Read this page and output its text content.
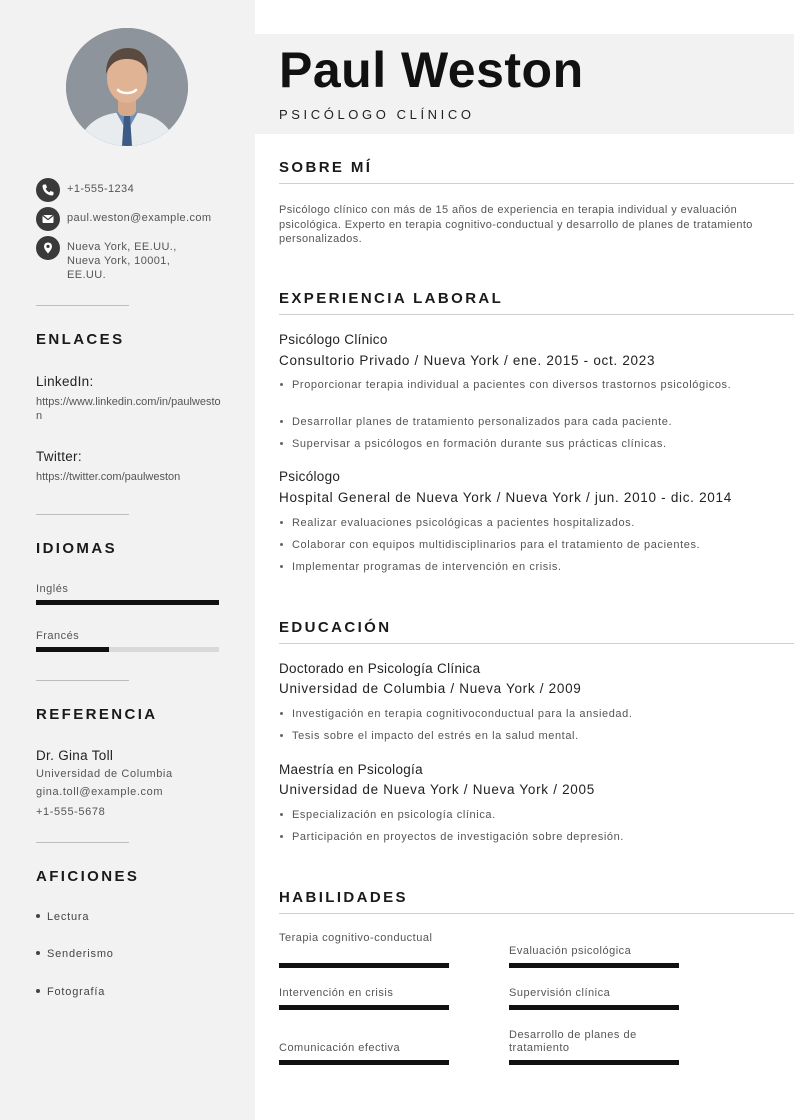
+1-555-1234
paul.weston@example.com
Nueva York, EE.UU.,
Nueva York, 10001,
EE.UU.
ENLACES
LinkedIn:
https://www.linkedin.com/in/paulweston
Twitter:
https://twitter.com/paulweston
IDIOMAS
Inglés
Francés
REFERENCIA
Dr. Gina Toll
Universidad de Columbia
gina.toll@example.com
+1-555-5678
AFICIONES
Lectura
Senderismo
Fotografía
Paul Weston
PSICÓLOGO CLÍNICO
SOBRE MÍ
Psicólogo clínico con más de 15 años de experiencia en terapia individual y evaluación psicológica. Experto en terapia cognitivo-conductual y desarrollo de planes de tratamiento personalizados.
EXPERIENCIA LABORAL
Psicólogo Clínico
Consultorio Privado / Nueva York / ene. 2015 - oct. 2023
Proporcionar terapia individual a pacientes con diversos trastornos psicológicos.
Desarrollar planes de tratamiento personalizados para cada paciente.
Supervisar a psicólogos en formación durante sus prácticas clínicas.
Psicólogo
Hospital General de Nueva York / Nueva York / jun. 2010 - dic. 2014
Realizar evaluaciones psicológicas a pacientes hospitalizados.
Colaborar con equipos multidisciplinarios para el tratamiento de pacientes.
Implementar programas de intervención en crisis.
EDUCACIÓN
Doctorado en Psicología Clínica
Universidad de Columbia / Nueva York / 2009
Investigación en terapia cognitivoconductual para la ansiedad.
Tesis sobre el impacto del estrés en la salud mental.
Maestría en Psicología
Universidad de Nueva York / Nueva York / 2005
Especialización en psicología clínica.
Participación en proyectos de investigación sobre depresión.
HABILIDADES
Terapia cognitivo-conductual
Evaluación psicológica
Intervención en crisis	Supervisión clínica
Comunicación efectiva
Desarrollo de planes de tratamiento
